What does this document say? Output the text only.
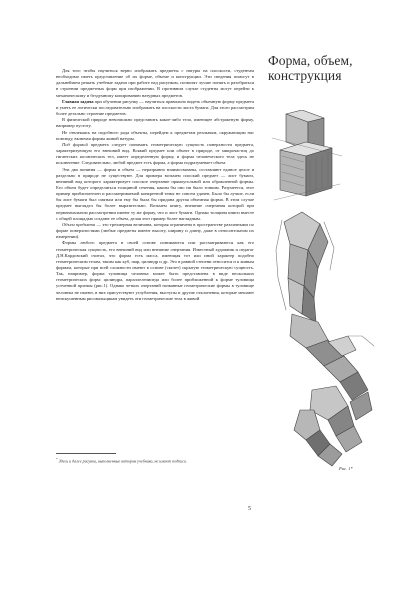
Для того чтобы научиться верно изображать предметы с натуры на плоскости, студентам необходимо иметь представление об их форме, объеме и конструкции. Эти сведения помогут в дальнейшем решать учебные задачи при работе над рисунком, позволят лучше понять и разобраться в строении предметных форм при изображении. В противном случае студенты могут перейти к механическому и бездумному копированию натурных предметов.

Главная задача при обучении рисунку — научиться правильно видеть объемную форму предмета и уметь ее логически последовательно изображать на плоскости листа бумаги. Для этого рассмотрим более детально строение предметов.

В физической природе невозможно представить какое-либо тело, имеющее абстрактную форму, например пустоту.

Не отвлекаясь на подобного рода объекты, перейдем к предметам реальным, окружающим нас повсюду, включая формы живой натуры.

Под формой предмета следует понимать геометрическую сущность поверхности предмета, характеризующую его внешний вид. Всякий предмет или объект в природе, от микрочастиц до гигантских космических тел, имеет определенную форму, и форма человеческого тела здесь не исключение. Следовательно, любой предмет есть форма, а форма подразумевает объем.

Эти два понятия — форма и объем — неразрывно взаимосвязаны, составляют единое целое и раздельно в природе не существуют. Для примера возьмем плоский предмет — лист бумаги, внешний вид которого характеризует плоское очертание прямоугольной или обрамленной формы. Его объем будет определяться толщиной сечения, каким бы оно ни было тонким. Разумеется, этот пример приблизителен и рассматриваемой конкретной темы не совсем удачен. Было бы лучше, если бы лист бумаги был смятым или ему бы была бы придана другая объемная форма. В этом случае предмет выглядел бы более выразительно. Возьмем книгу, внешние очертания которой при первоначальном рассмотрении имеют ту же форму, что и лист бумаги. Однако толщина книги вместе с общей площадью создают ее объем, делая этот пример более наглядным.

Объем предмета — это трехмерная величина, которая ограничена в пространстве различными по форме поверхностями (любые предметы имеют высоту, ширину и длину, даже в относительном их измерении).

Формы любого предмета в своей основе понимаются или рассматриваются как его геометрическая сущность, его внешний вид или внешние очертания. Известный художник и педагог Д.Н.Кардовский считал, что форма есть масса, имеющая тот или иной характер подобно геометрическим телам, таким как куб, шар, цилиндр и др. Это в равной степени относится и к живым формам, которые при всей сложности имеют в основе (скелет) скрытую геометрическую сущность. Так, например, форма туловища человека может быть представлена в виде нескольких геометрических форм: цилиндра, параллелепипеда или более приближенной к форме туловища усеченной призмы (рис.1). Однако четких очертаний названные геометрические формы в туловище человека не имеют, в них присутствуют углубления, выступы и другие отклонения, которые мешают неискушенным рисовальщикам увидеть эти геометрические тела в живой

* Здесь и далее рисунки, выполненные автором учебника, не имеют подписи.
5
Форма, объем,
конструкция
Рис. 1*
